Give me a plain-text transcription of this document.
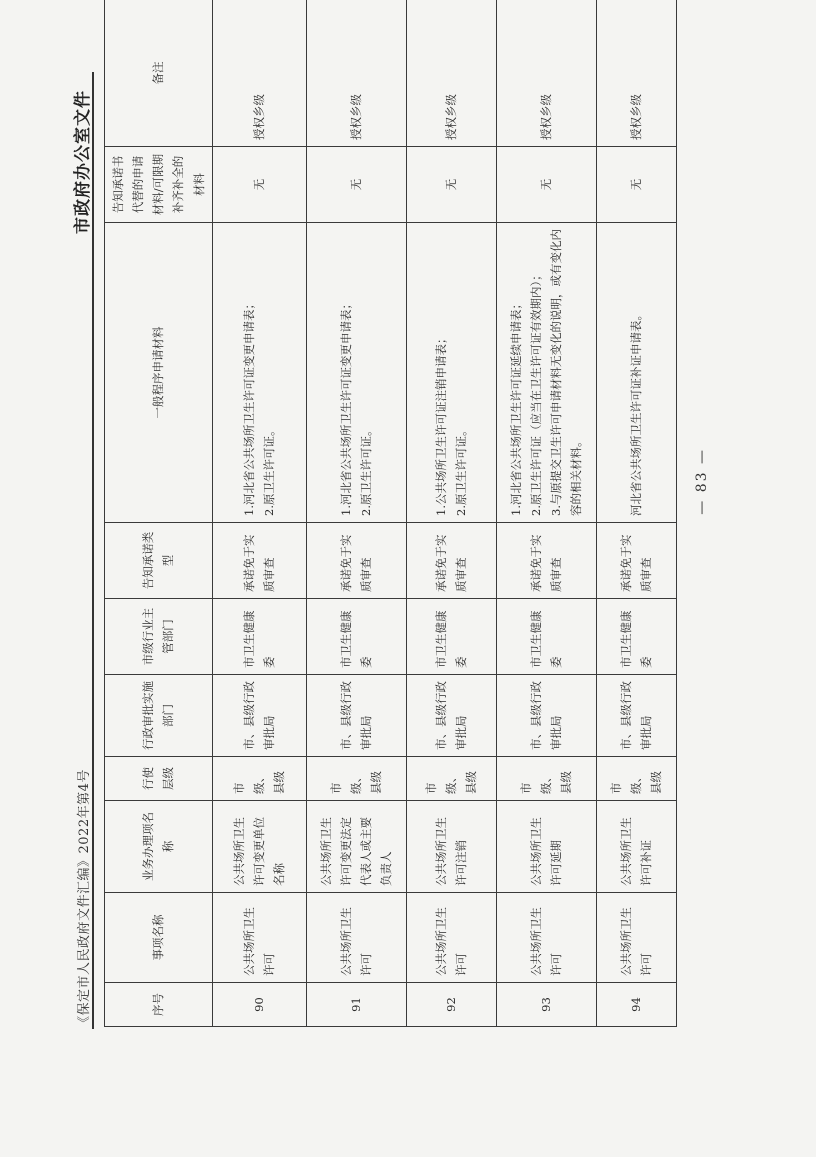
《保定市人民政府文件汇编》2022年第4号
市政府办公室文件
序号	事项名称	业务办理项名　称	行使层级	行政审批实施部门	市级行业主管部门	告知承诺类型	一般程序申请材料	告知承诺书代替的申请材料/可限期补齐补全的材料	备注
90	公共场所卫生许可	公共场所卫生许可变更单位名称	市级、县级	市、县级行政审批局	市卫生健康委	承诺免于实质审查	1.河北省公共场所卫生许可证变更申请表； 2.原卫生许可证。	无	授权乡级
91	公共场所卫生许可	公共场所卫生许可变更法定代表人或主要负责人	市级、县级	市、县级行政审批局	市卫生健康委	承诺免于实质审查	1.河北省公共场所卫生许可证变更申请表； 2.原卫生许可证。	无	授权乡级
92	公共场所卫生许可	公共场所卫生许可注销	市级、县级	市、县级行政审批局	市卫生健康委	承诺免于实质审查	1.公共场所卫生许可证注销申请表； 2.原卫生许可证。	无	授权乡级
93	公共场所卫生许可	公共场所卫生许可延期	市级、县级	市、县级行政审批局	市卫生健康委	承诺免于实质审查	1.河北省公共场所卫生许可证延续申请表； 2.原卫生许可证（应当在卫生许可证有效期内）； 3.与原提交卫生许可申请材料无变化的说明，或有变化内容的相关材料。	无	授权乡级
94	公共场所卫生许可	公共场所卫生许可补证	市级、县级	市、县级行政审批局	市卫生健康委	承诺免于实质审查	河北省公共场所卫生许可证补证申请表。	无	授权乡级
— 83 —
